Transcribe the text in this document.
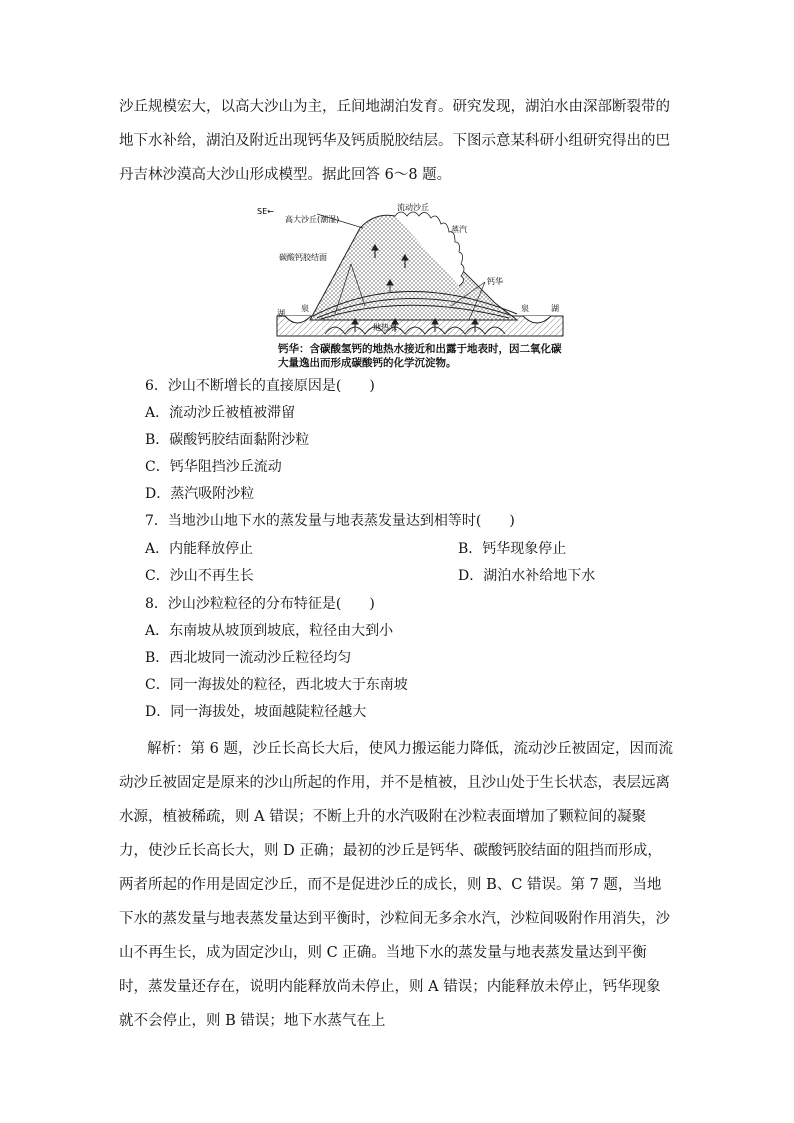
沙丘规模宏大，以高大沙山为主，丘间地湖泊发育。研究发现，湖泊水由深部断裂带的地下水补给，湖泊及附近出现钙华及钙质脱胶结层。下图示意某科研小组研究得出的巴丹吉林沙漠高大沙山形成模型。据此回答 6～8 题。

SE←
高大沙丘(潮湿)
流动沙丘
蒸汽
碳酸钙胶结面
钙华
湖
泉	泉	湖
地热水

钙华：含碳酸氢钙的地热水接近和出露于地表时，因二氧化碳大量逸出而形成碳酸钙的化学沉淀物。

6．沙山不断增长的直接原因是(　　)

A．流动沙丘被植被滞留

B．碳酸钙胶结面黏附沙粒

C．钙华阻挡沙丘流动

D．蒸汽吸附沙粒

7．当地沙山地下水的蒸发量与地表蒸发量达到相等时(　　)

A．内能释放停止	B．钙华现象停止

C．沙山不再生长	D．湖泊水补给地下水

8．沙山沙粒粒径的分布特征是(　　)

A．东南坡从坡顶到坡底，粒径由大到小

B．西北坡同一流动沙丘粒径均匀

C．同一海拔处的粒径，西北坡大于东南坡

D．同一海拔处，坡面越陡粒径越大

解析：第 6 题，沙丘长高长大后，使风力搬运能力降低，流动沙丘被固定，因而流动沙丘被固定是原来的沙山所起的作用，并不是植被，且沙山处于生长状态，表层远离水源，植被稀疏，则 A 错误；不断上升的水汽吸附在沙粒表面增加了颗粒间的凝聚力，使沙丘长高长大，则 D 正确；最初的沙丘是钙华、碳酸钙胶结面的阻挡而形成，两者所起的作用是固定沙丘，而不是促进沙丘的成长，则 B、C 错误。第 7 题，当地下水的蒸发量与地表蒸发量达到平衡时，沙粒间无多余水汽，沙粒间吸附作用消失，沙山不再生长，成为固定沙山，则 C 正确。当地下水的蒸发量与地表蒸发量达到平衡时，蒸发量还存在，说明内能释放尚未停止，则 A 错误；内能释放未停止，钙华现象就不会停止，则 B 错误；地下水蒸气在上
